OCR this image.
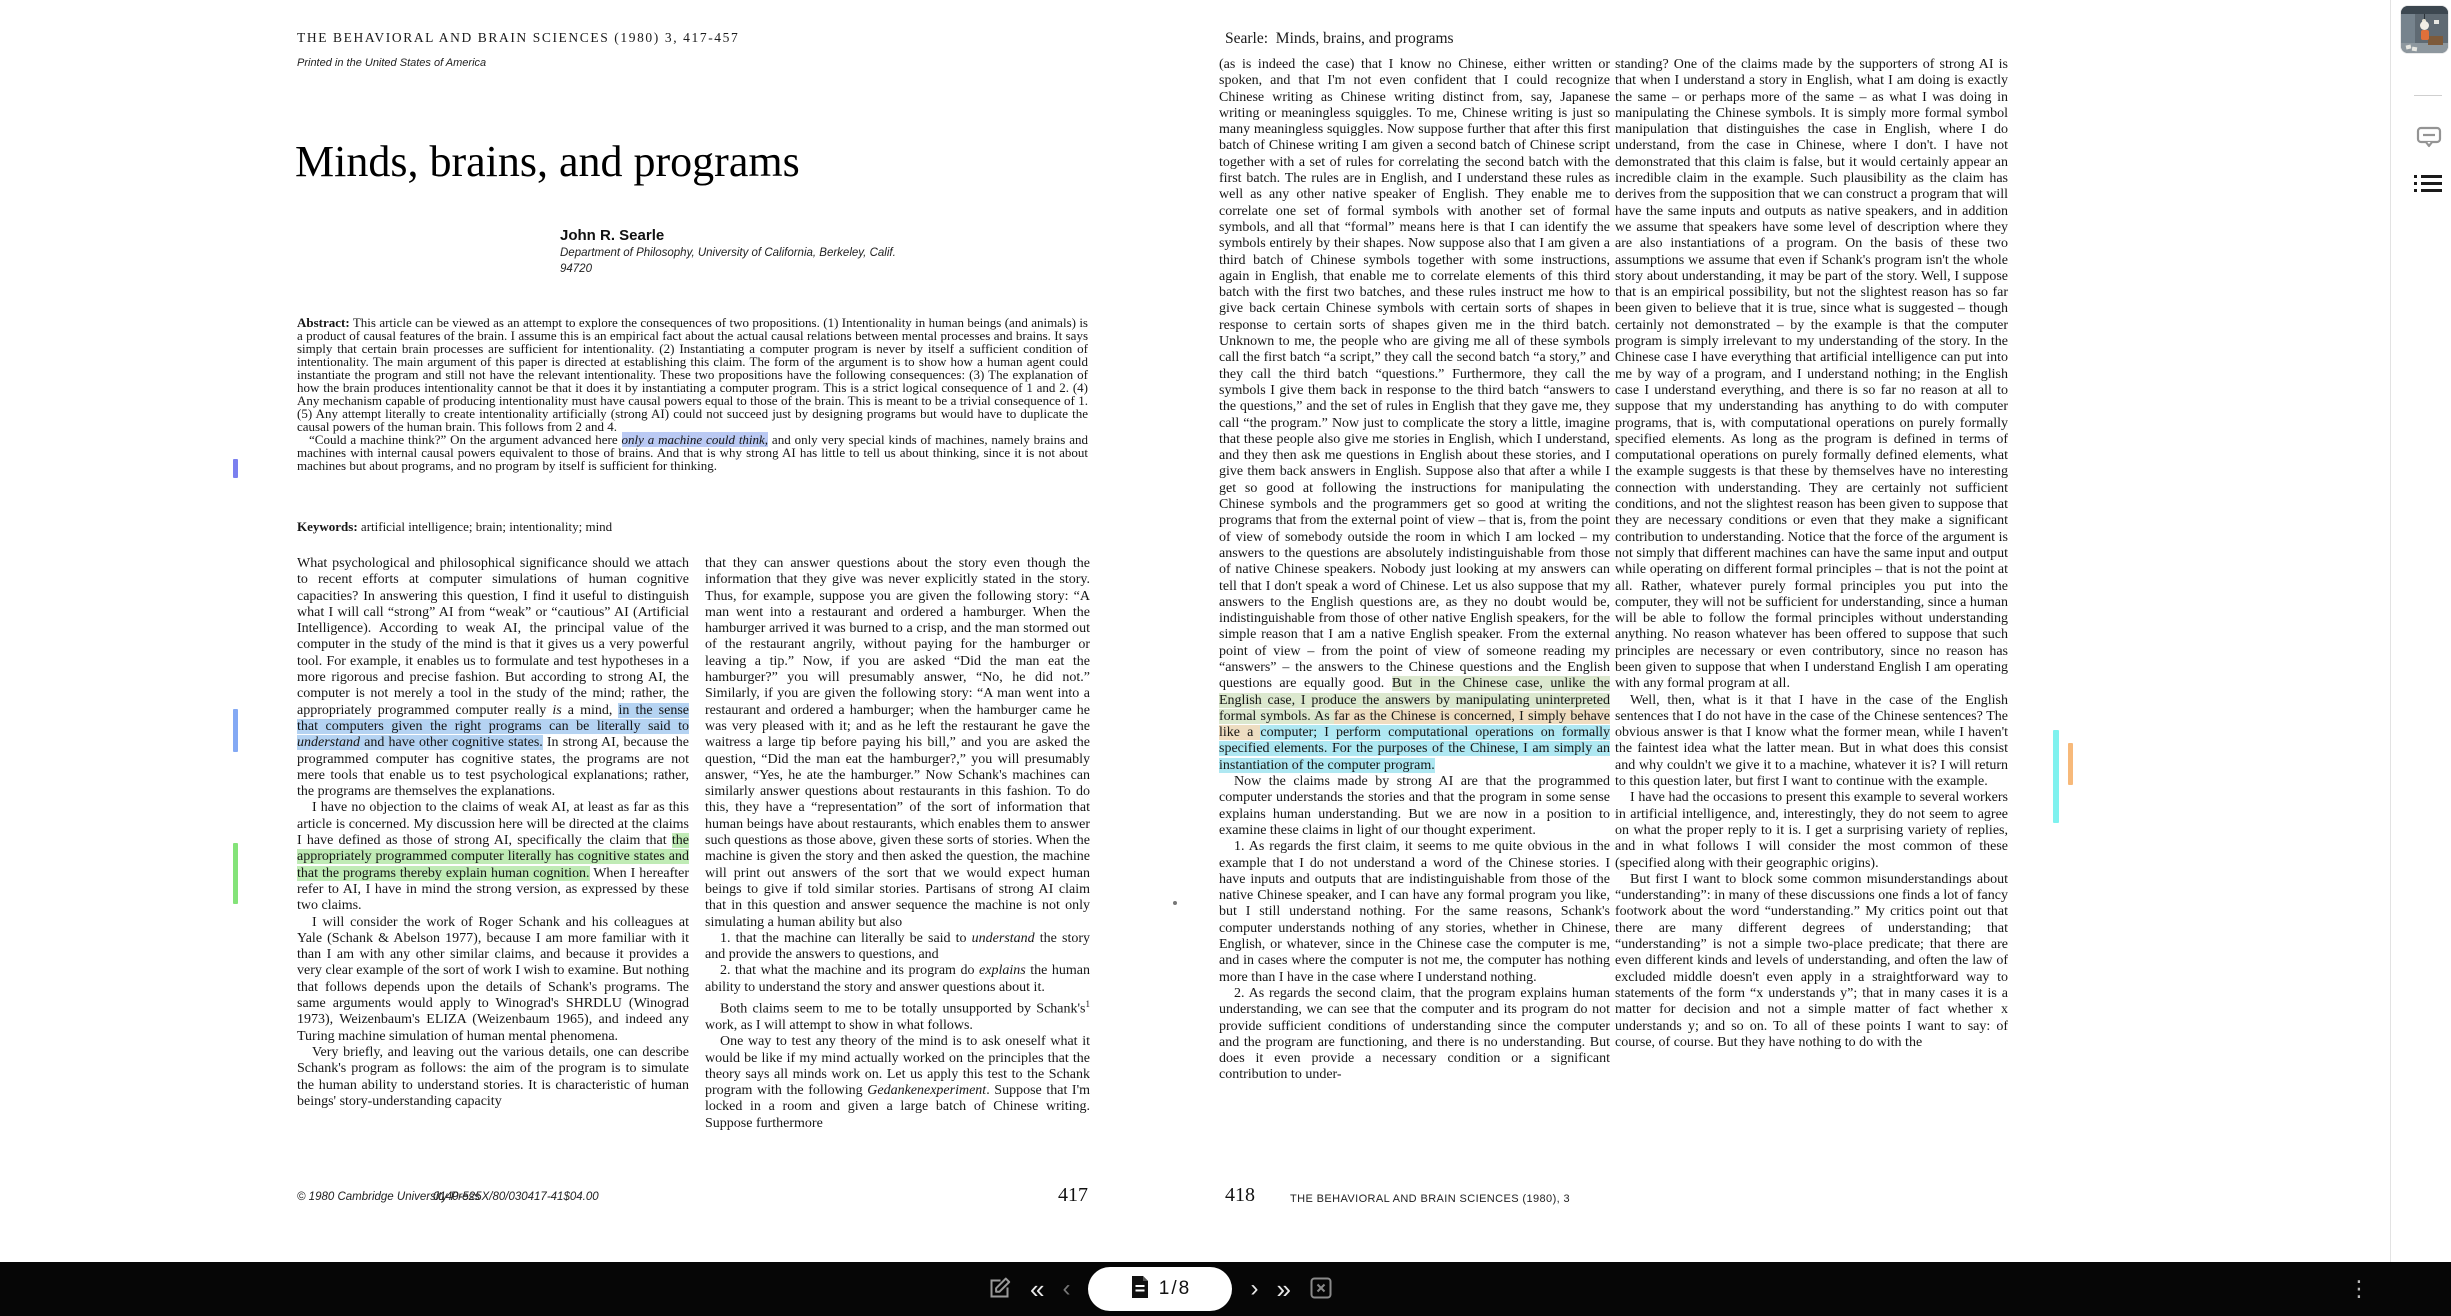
THE BEHAVIORAL AND BRAIN SCIENCES (1980) 3, 417-457
Printed in the United States of America
Minds, brains, and programs
John R. Searle
Department of Philosophy, University of California, Berkeley, Calif.
94720

Abstract: This article can be viewed as an attempt to explore the consequences of two propositions. (1) Intentionality in human beings (and animals) is a product of causal features of the brain. I assume this is an empirical fact about the actual causal relations between mental processes and brains. It says simply that certain brain processes are sufficient for intentionality. (2) Instantiating a computer program is never by itself a sufficient condition of intentionality. The main argument of this paper is directed at establishing this claim. The form of the argument is to show how a human agent could instantiate the program and still not have the relevant intentionality. These two propositions have the following consequences: (3) The explanation of how the brain produces intentionality cannot be that it does it by instantiating a computer program. This is a strict logical consequence of 1 and 2. (4) Any mechanism capable of producing intentionality must have causal powers equal to those of the brain. This is meant to be a trivial consequence of 1. (5) Any attempt literally to create intentionality artificially (strong AI) could not succeed just by designing programs but would have to duplicate the causal powers of the human brain. This follows from 2 and 4.

“Could a machine think?” On the argument advanced here only a machine could think, and only very special kinds of machines, namely brains and machines with internal causal powers equivalent to those of brains. And that is why strong AI has little to tell us about thinking, since it is not about machines but about programs, and no program by itself is sufficient for thinking.

Keywords: artificial intelligence; brain; intentionality; mind

What psychological and philosophical significance should we attach to recent efforts at computer simulations of human cognitive capacities? In answering this question, I find it useful to distinguish what I will call “strong” AI from “weak” or “cautious” AI (Artificial Intelligence). According to weak AI, the principal value of the computer in the study of the mind is that it gives us a very powerful tool. For example, it enables us to formulate and test hypotheses in a more rigorous and precise fashion. But according to strong AI, the computer is not merely a tool in the study of the mind; rather, the appropriately programmed computer really is a mind, in the sense that computers given the right programs can be literally said to understand and have other cognitive states. In strong AI, because the programmed computer has cognitive states, the programs are not mere tools that enable us to test psychological explanations; rather, the programs are themselves the explanations.

I have no objection to the claims of weak AI, at least as far as this article is concerned. My discussion here will be directed at the claims I have defined as those of strong AI, specifically the claim that the appropriately programmed computer literally has cognitive states and that the programs thereby explain human cognition. When I hereafter refer to AI, I have in mind the strong version, as expressed by these two claims.

I will consider the work of Roger Schank and his colleagues at Yale (Schank & Abelson 1977), because I am more familiar with it than I am with any other similar claims, and because it provides a very clear example of the sort of work I wish to examine. But nothing that follows depends upon the details of Schank's programs. The same arguments would apply to Winograd's SHRDLU (Winograd 1973), Weizenbaum's ELIZA (Weizenbaum 1965), and indeed any Turing machine simulation of human mental phenomena.

Very briefly, and leaving out the various details, one can describe Schank's program as follows: the aim of the program is to simulate the human ability to understand stories. It is characteristic of human beings' story-understanding capacity

that they can answer questions about the story even though the information that they give was never explicitly stated in the story. Thus, for example, suppose you are given the following story: “A man went into a restaurant and ordered a hamburger. When the hamburger arrived it was burned to a crisp, and the man stormed out of the restaurant angrily, without paying for the hamburger or leaving a tip.” Now, if you are asked “Did the man eat the hamburger?” you will presumably answer, “No, he did not.” Similarly, if you are given the following story: “A man went into a restaurant and ordered a hamburger; when the hamburger came he was very pleased with it; and as he left the restaurant he gave the waitress a large tip before paying his bill,” and you are asked the question, “Did the man eat the hamburger?,” you will presumably answer, “Yes, he ate the hamburger.” Now Schank's machines can similarly answer questions about restaurants in this fashion. To do this, they have a “representation” of the sort of information that human beings have about restaurants, which enables them to answer such questions as those above, given these sorts of stories. When the machine is given the story and then asked the question, the machine will print out answers of the sort that we would expect human beings to give if told similar stories. Partisans of strong AI claim that in this question and answer sequence the machine is not only simulating a human ability but also

1. that the machine can literally be said to understand the story and provide the answers to questions, and

2. that what the machine and its program do explains the human ability to understand the story and answer questions about it.

Both claims seem to me to be totally unsupported by $Schank's^1$ work, as I will attempt to show in what follows.

One way to test any theory of the mind is to ask oneself what it would be like if my mind actually worked on the principles that the theory says all minds work on. Let us apply this test to the Schank program with the following Gedankenexperiment. Suppose that I'm locked in a room and given a large batch of Chinese writing. Suppose furthermore

© 1980 Cambridge University Press
0140-525X/80/030417-41$04.00	417
Searle:  Minds, brains, and programs

(as is indeed the case) that I know no Chinese, either written or spoken, and that I'm not even confident that I could recognize Chinese writing as Chinese writing distinct from, say, Japanese writing or meaningless squiggles. To me, Chinese writing is just so many meaningless squiggles. Now suppose further that after this first batch of Chinese writing I am given a second batch of Chinese script together with a set of rules for correlating the second batch with the first batch. The rules are in English, and I understand these rules as well as any other native speaker of English. They enable me to correlate one set of formal symbols with another set of formal symbols, and all that “formal” means here is that I can identify the symbols entirely by their shapes. Now suppose also that I am given a third batch of Chinese symbols together with some instructions, again in English, that enable me to correlate elements of this third batch with the first two batches, and these rules instruct me how to give back certain Chinese symbols with certain sorts of shapes in response to certain sorts of shapes given me in the third batch. Unknown to me, the people who are giving me all of these symbols call the first batch “a script,” they call the second batch “a story,” and they call the third batch “questions.” Furthermore, they call the symbols I give them back in response to the third batch “answers to the questions,” and the set of rules in English that they gave me, they call “the program.” Now just to complicate the story a little, imagine that these people also give me stories in English, which I understand, and they then ask me questions in English about these stories, and I give them back answers in English. Suppose also that after a while I get so good at following the instructions for manipulating the Chinese symbols and the programmers get so good at writing the programs that from the external point of view – that is, from the point of view of somebody outside the room in which I am locked – my answers to the questions are absolutely indistinguishable from those of native Chinese speakers. Nobody just looking at my answers can tell that I don't speak a word of Chinese. Let us also suppose that my answers to the English questions are, as they no doubt would be, indistinguishable from those of other native English speakers, for the simple reason that I am a native English speaker. From the external point of view – from the point of view of someone reading my “answers” – the answers to the Chinese questions and the English questions are equally good. But in the Chinese case, unlike the English case, I produce the answers by manipulating uninterpreted formal symbols. As far as the Chinese is concerned, I simply behave like a computer; I perform computational operations on formally specified elements. For the purposes of the Chinese, I am simply an instantiation of the computer program.

Now the claims made by strong AI are that the programmed computer understands the stories and that the program in some sense explains human understanding. But we are now in a position to examine these claims in light of our thought experiment.

1. As regards the first claim, it seems to me quite obvious in the example that I do not understand a word of the Chinese stories. I have inputs and outputs that are indistinguishable from those of the native Chinese speaker, and I can have any formal program you like, but I still understand nothing. For the same reasons, Schank's computer understands nothing of any stories, whether in Chinese, English, or whatever, since in the Chinese case the computer is me, and in cases where the computer is not me, the computer has nothing more than I have in the case where I understand nothing.

2. As regards the second claim, that the program explains human understanding, we can see that the computer and its program do not provide sufficient conditions of understanding since the computer and the program are functioning, and there is no understanding. But does it even provide a necessary condition or a significant contribution to under-

standing? One of the claims made by the supporters of strong AI is that when I understand a story in English, what I am doing is exactly the same – or perhaps more of the same – as what I was doing in manipulating the Chinese symbols. It is simply more formal symbol manipulation that distinguishes the case in English, where I do understand, from the case in Chinese, where I don't. I have not demonstrated that this claim is false, but it would certainly appear an incredible claim in the example. Such plausibility as the claim has derives from the supposition that we can construct a program that will have the same inputs and outputs as native speakers, and in addition we assume that speakers have some level of description where they are also instantiations of a program. On the basis of these two assumptions we assume that even if Schank's program isn't the whole story about understanding, it may be part of the story. Well, I suppose that is an empirical possibility, but not the slightest reason has so far been given to believe that it is true, since what is suggested – though certainly not demonstrated – by the example is that the computer program is simply irrelevant to my understanding of the story. In the Chinese case I have everything that artificial intelligence can put into me by way of a program, and I understand nothing; in the English case I understand everything, and there is so far no reason at all to suppose that my understanding has anything to do with computer programs, that is, with computational operations on purely formally specified elements. As long as the program is defined in terms of computational operations on purely formally defined elements, what the example suggests is that these by themselves have no interesting connection with understanding. They are certainly not sufficient conditions, and not the slightest reason has been given to suppose that they are necessary conditions or even that they make a significant contribution to understanding. Notice that the force of the argument is not simply that different machines can have the same input and output while operating on different formal principles – that is not the point at all. Rather, whatever purely formal principles you put into the computer, they will not be sufficient for understanding, since a human will be able to follow the formal principles without understanding anything. No reason whatever has been offered to suppose that such principles are necessary or even contributory, since no reason has been given to suppose that when I understand English I am operating with any formal program at all.

Well, then, what is it that I have in the case of the English sentences that I do not have in the case of the Chinese sentences? The obvious answer is that I know what the former mean, while I haven't the faintest idea what the latter mean. But in what does this consist and why couldn't we give it to a machine, whatever it is? I will return to this question later, but first I want to continue with the example.

I have had the occasions to present this example to several workers in artificial intelligence, and, interestingly, they do not seem to agree on what the proper reply to it is. I get a surprising variety of replies, and in what follows I will consider the most common of these (specified along with their geographic origins).

But first I want to block some common misunderstandings about “understanding”: in many of these discussions one finds a lot of fancy footwork about the word “understanding.” My critics point out that there are many different degrees of understanding; that “understanding” is not a simple two-place predicate; that there are even different kinds and levels of understanding, and often the law of excluded middle doesn't even apply in a straightforward way to statements of the form “x understands y”; that in many cases it is a matter for decision and not a simple matter of fact whether x understands y; and so on. To all of these points I want to say: of course, of course. But they have nothing to do with the

418	THE BEHAVIORAL AND BRAIN SCIENCES (1980), 3
« ‹	1/8 › »	⋮
